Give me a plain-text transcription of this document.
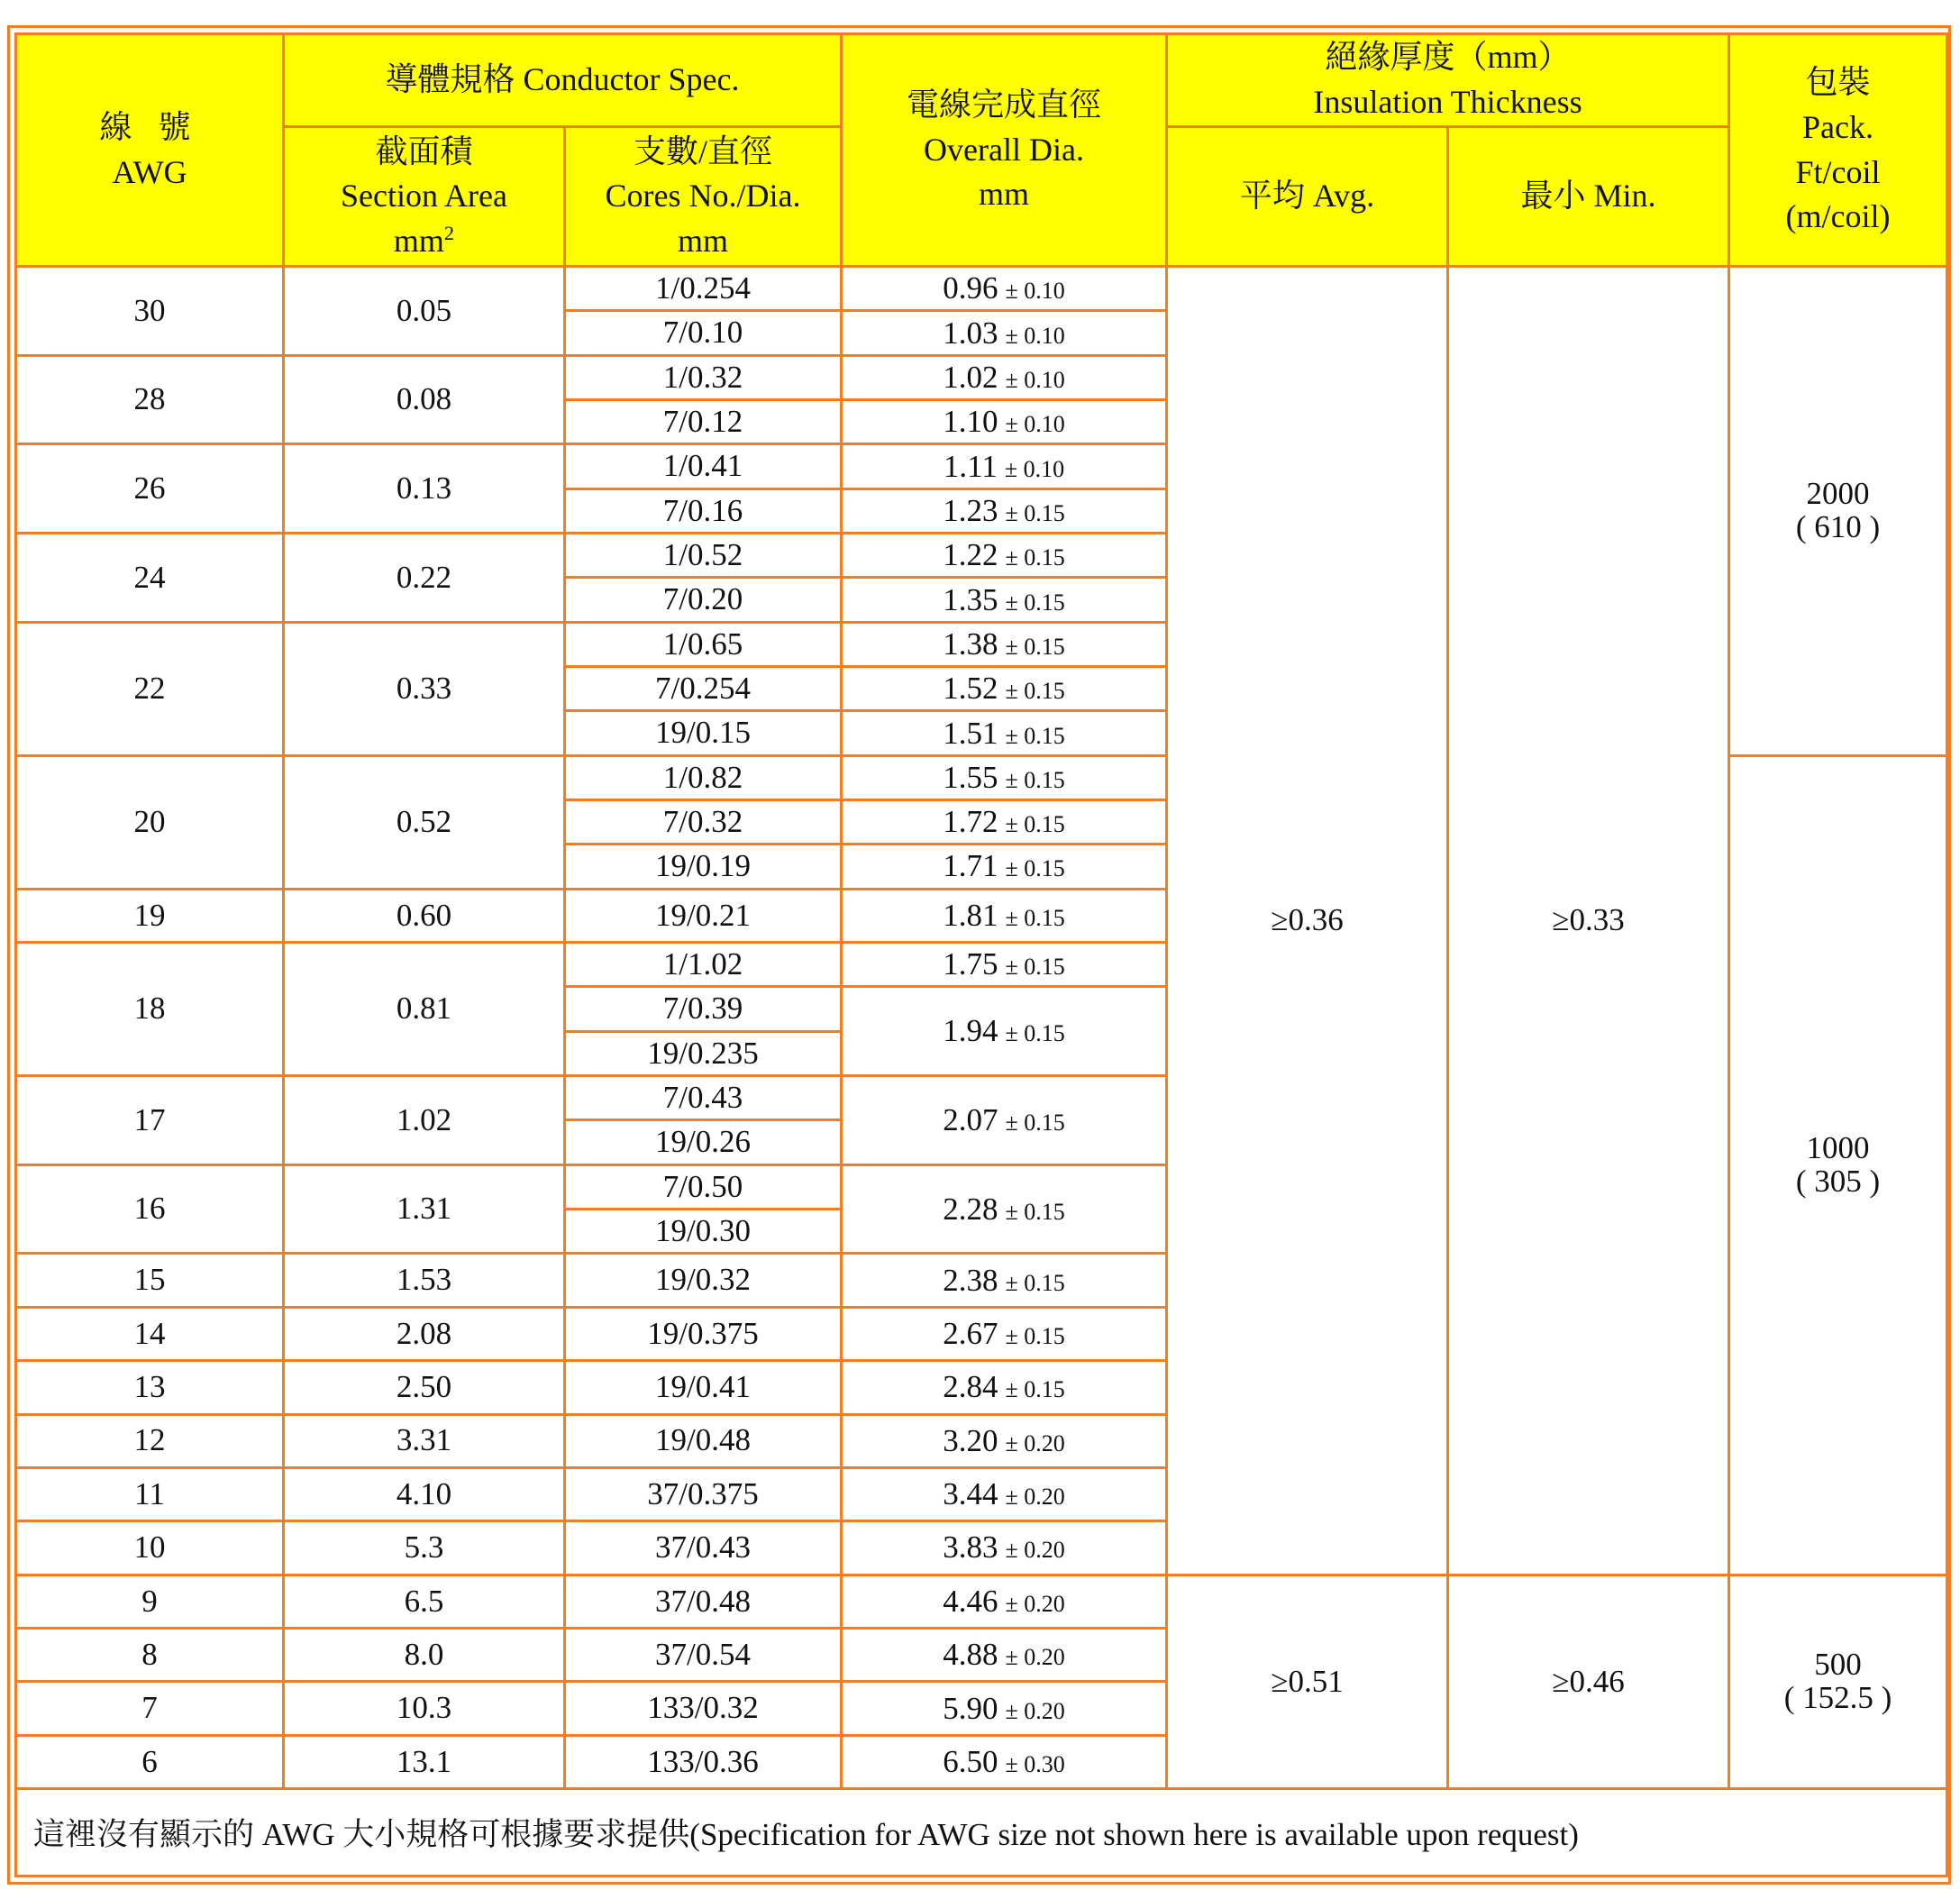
線 號
AWG	導體規格 Conductor Spec.		電線完成直徑
Overall Dia.
mm	絕緣厚度（mm）
Insulation Thickness		包裝
Pack.
Ft/coil
(m/coil)

	截面積
Section Area
$mm^2$	支數/直徑
Cores No./Dia.
mm		平均 Avg.	最小 Min.	

30	0.05	1/0.254	0.96 ± 0.10	≥0.36	≥0.33	2000
( 610 )

		7/0.10	1.03 ± 0.10			
28	0.08	1/0.32	1.02 ± 0.10			
		7/0.12	1.10 ± 0.10			
26	0.13	1/0.41	1.11 ± 0.10			
		7/0.16	1.23 ± 0.15			
24	0.22	1/0.52	1.22 ± 0.15			
		7/0.20	1.35 ± 0.15			
22	0.33	1/0.65	1.38 ± 0.15			
		7/0.254	1.52 ± 0.15			
		19/0.15	1.51 ± 0.15			
20	0.52	1/0.82	1.55 ± 0.15			1000
( 305 )

		7/0.32	1.72 ± 0.15			
		19/0.19	1.71 ± 0.15			
19	0.60	19/0.21	1.81 ± 0.15			
18	0.81	1/1.02	1.75 ± 0.15			
		7/0.39	1.94 ± 0.15			
		19/0.235				
17	1.02	7/0.43	2.07 ± 0.15			
		19/0.26				
16	1.31	7/0.50	2.28 ± 0.15			
		19/0.30				
15	1.53	19/0.32	2.38 ± 0.15			
14	2.08	19/0.375	2.67 ± 0.15			
13	2.50	19/0.41	2.84 ± 0.15			
12	3.31	19/0.48	3.20 ± 0.20			
11	4.10	37/0.375	3.44 ± 0.20			
10	5.3	37/0.43	3.83 ± 0.20			
9	6.5	37/0.48	4.46 ± 0.20	≥0.51	≥0.46	500
( 152.5 )

8	8.0	37/0.54	4.88 ± 0.20			
7	10.3	133/0.32	5.90 ± 0.20			
6	13.1	133/0.36	6.50 ± 0.30			
這裡沒有顯示的 AWG 大小規格可根據要求提供(Specification for AWG size not shown here is available upon request)						
